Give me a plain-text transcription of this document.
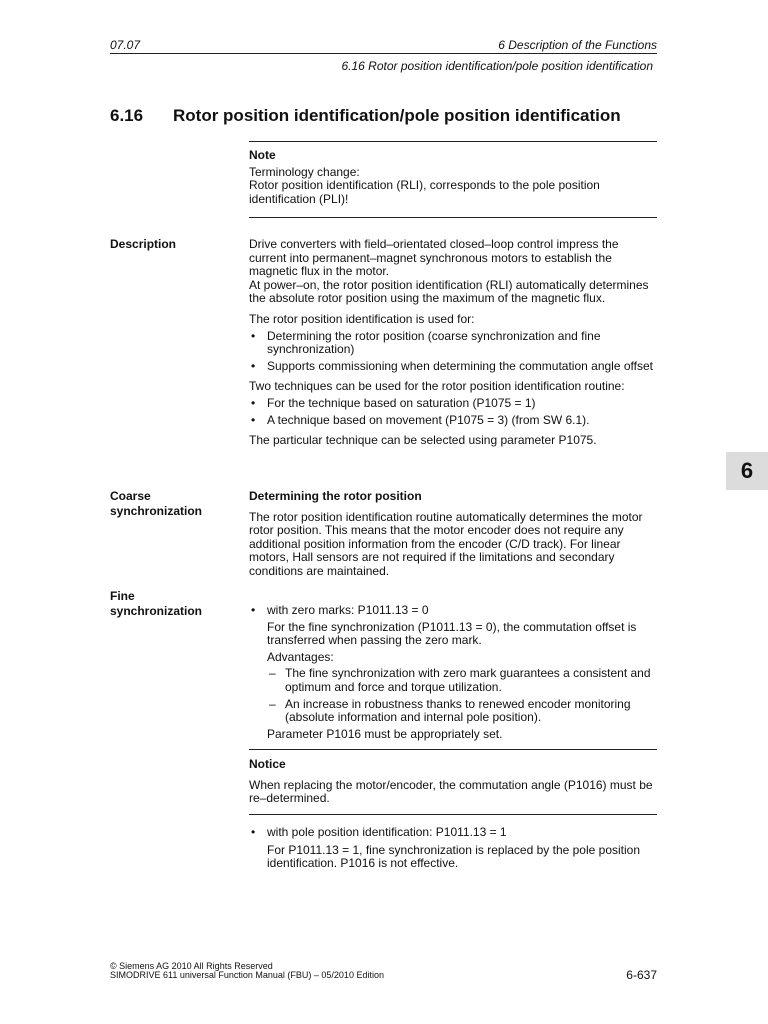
07.07	6 Description of the Functions
6.16 Rotor position identification/pole position identification
6.16 Rotor position identification/pole position identification

Note

Terminology change:

Rotor position identification (RLI), corresponds to the pole position identification (PLI)!

Description	Drive converters with field–orientated closed–loop control impress the current into permanent–magnet synchronous motors to establish the magnetic flux in the motor.

At power–on, the rotor position identification (RLI) automatically determines the absolute rotor position using the maximum of the magnetic flux.

The rotor position identification is used for:

• Determining the rotor position (coarse synchronization and fine synchronization)
• Supports commissioning when determining the commutation angle offset

Two techniques can be used for the rotor position identification routine:

• For the technique based on saturation (P1075 = 1)
• A technique based on movement (P1075 = 3) (from SW 6.1).

The particular technique can be selected using parameter P1075.

Coarse
synchronization

Determining the rotor position

The rotor position identification routine automatically determines the motor rotor position. This means that the motor encoder does not require any additional position information from the encoder (C/D track). For linear motors, Hall sensors are not required if the limitations and secondary conditions are maintained.

Fine
synchronization	• with zero marks: P1011.13 = 0

For the fine synchronization (P1011.13 = 0), the commutation offset is transferred when passing the zero mark.

Advantages:

– The fine synchronization with zero mark guarantees a consistent and optimum and force and torque utilization.
– An increase in robustness thanks to renewed encoder monitoring (absolute information and internal pole position).

Parameter P1016 must be appropriately set.

Notice

When replacing the motor/encoder, the commutation angle (P1016) must be re–determined.

• with pole position identification: P1011.13 = 1

For P1011.13 = 1, fine synchronization is replaced by the pole position identification. P1016 is not effective.

6
© Siemens AG 2010 All Rights Reserved
SIMODRIVE 611 universal Function Manual (FBU) – 05/2010 Edition	6-637
